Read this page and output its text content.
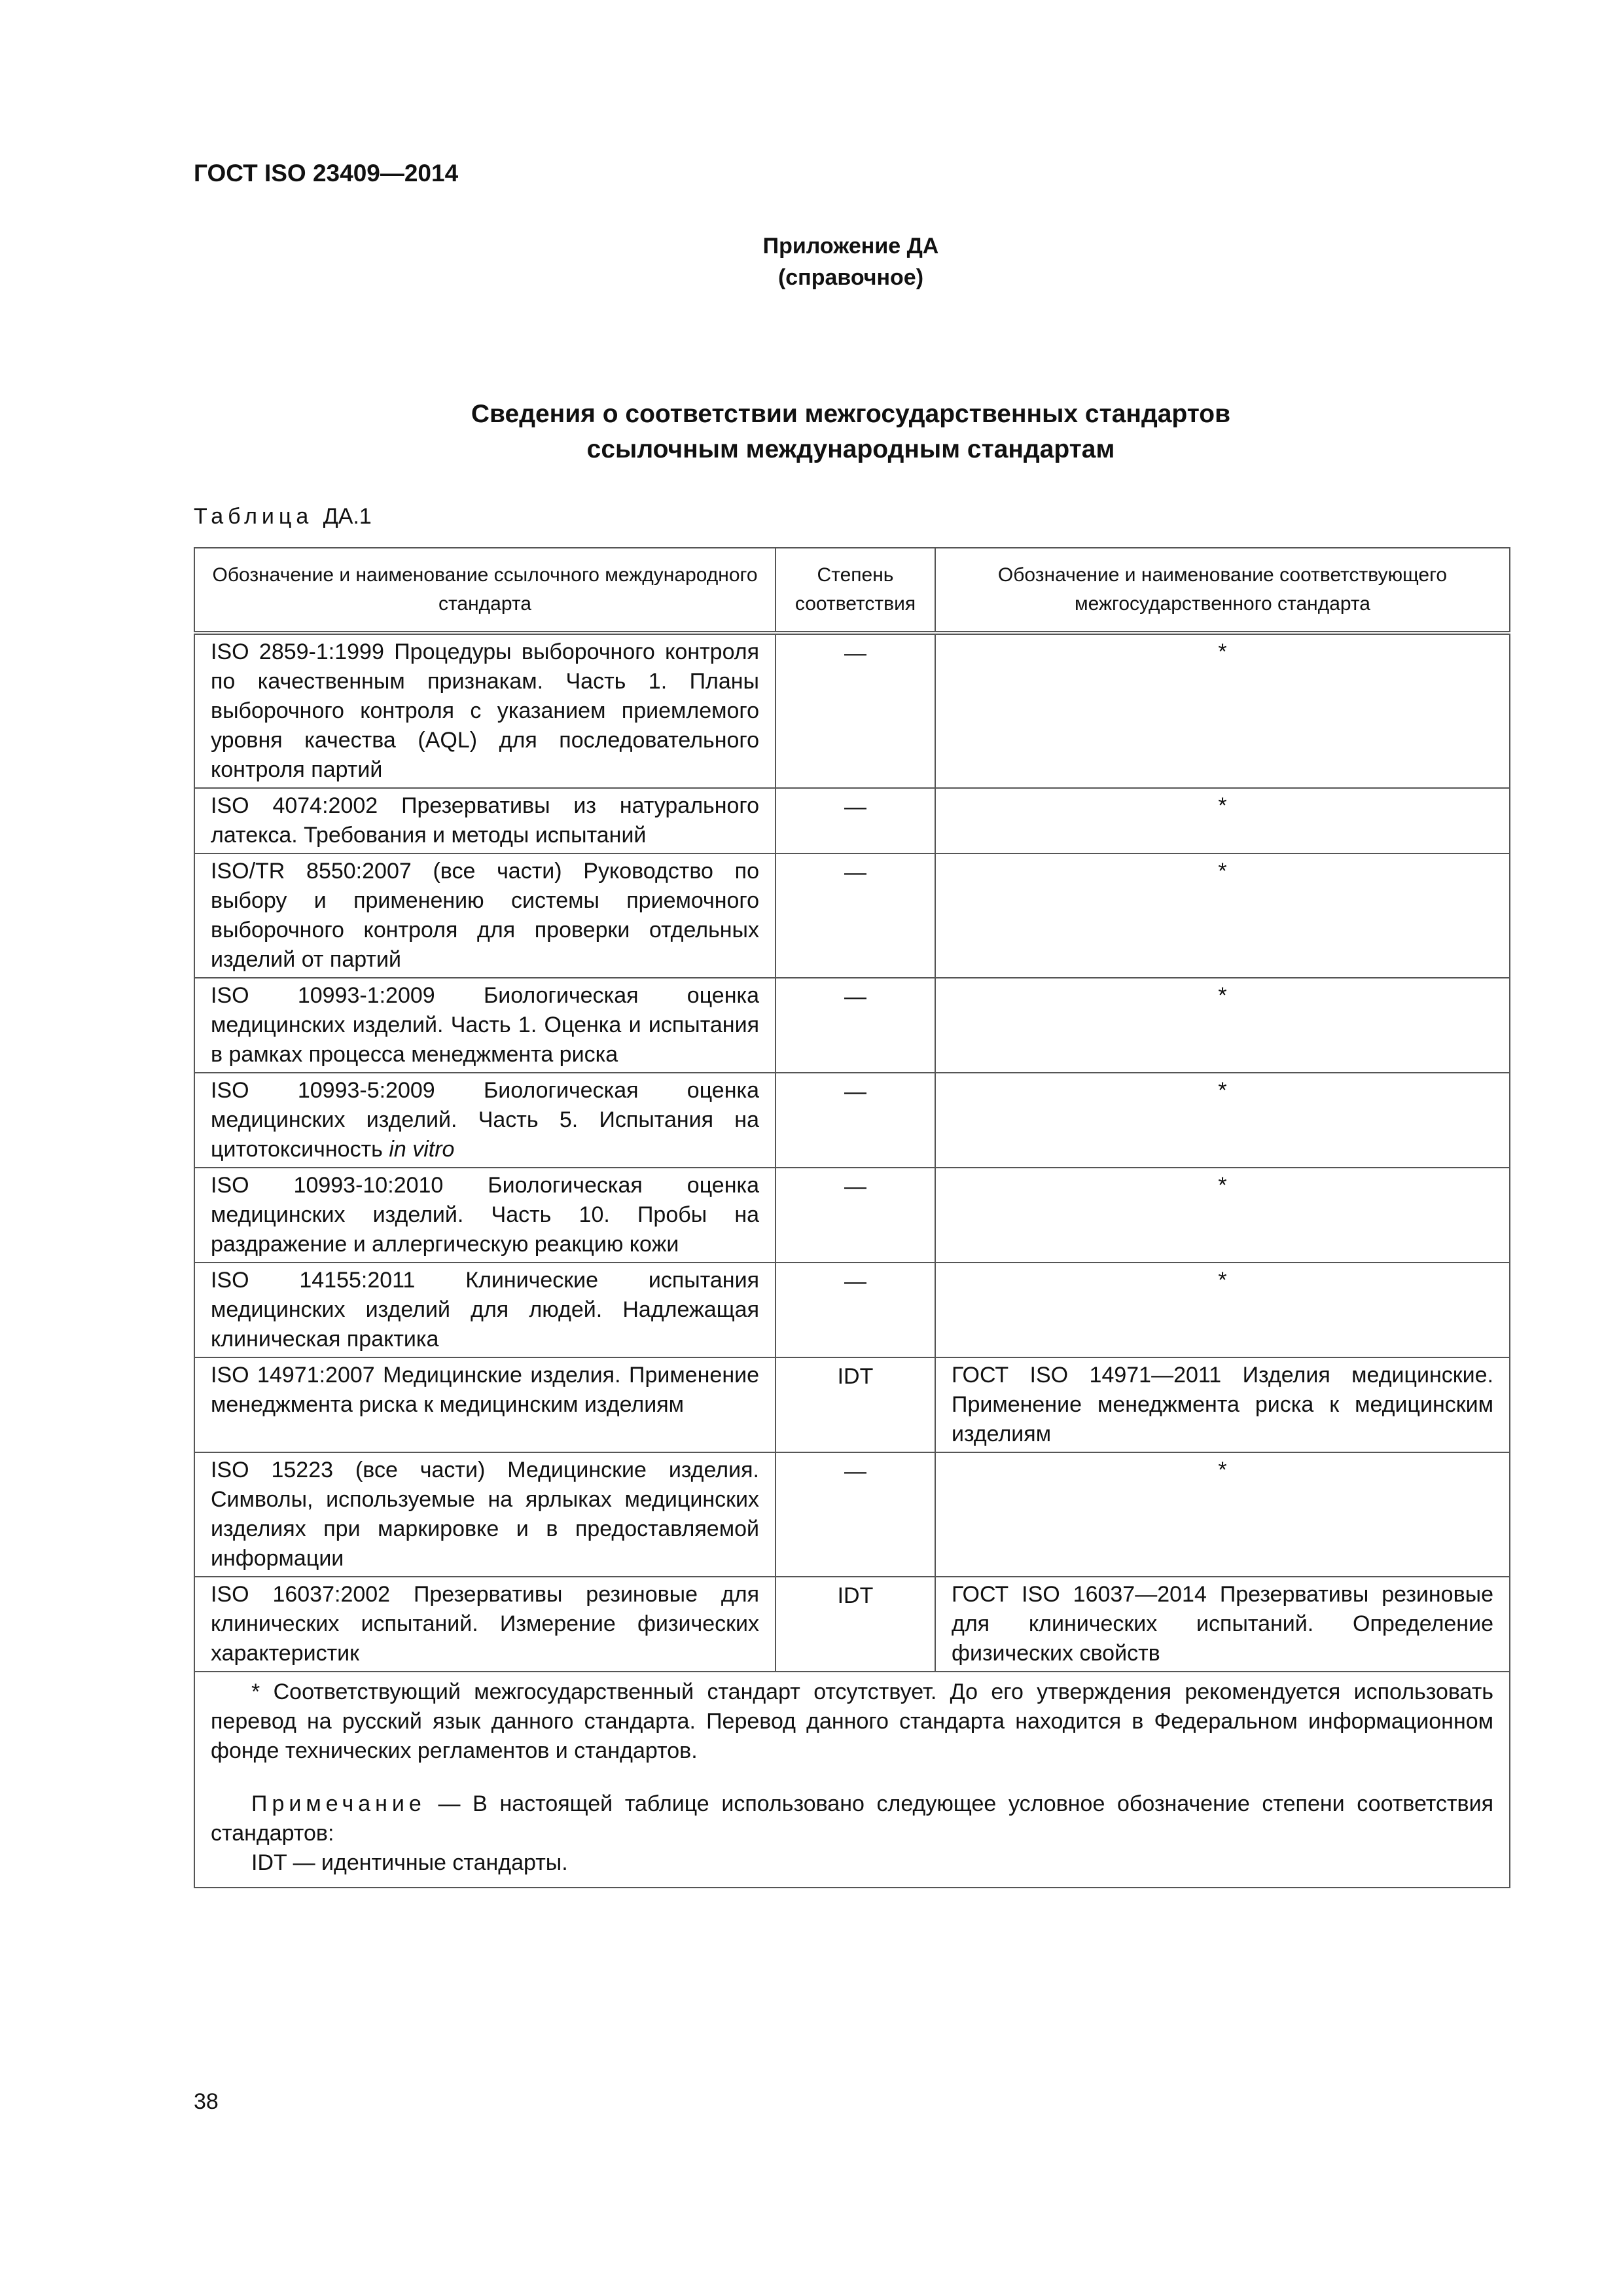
ГОСТ ISO 23409—2014
Приложение ДА
(справочное)
Сведения о соответствии межгосударственных стандартов
ссылочным международным стандартам
Таблица ДА.1
Обозначение и наименование ссылочного международного стандарта	Степень соответствия	Обозначение и наименование соответствующего межгосударственного стандарта
ISO 2859-1:1999 Процедуры выборочного контроля по качественным признакам. Часть 1. Планы выборочного контроля с указанием приемлемого уровня качества (AQL) для последовательного контроля партий	—	*
ISO 4074:2002 Презервативы из натурального латекса. Требования и методы испытаний	—	*
ISO/TR 8550:2007 (все части) Руководство по выбору и применению системы приемочного выборочного контроля для проверки отдельных изделий от партий	—	*
ISO 10993-1:2009 Биологическая оценка медицинских изделий. Часть 1. Оценка и испытания в рамках процесса менеджмента риска	—	*
ISO 10993-5:2009 Биологическая оценка медицинских изделий. Часть 5. Испытания на цитотоксичность in vitro	—	*
ISO 10993-10:2010 Биологическая оценка медицинских изделий. Часть 10. Пробы на раздражение и аллергическую реакцию кожи	—	*
ISO 14155:2011 Клинические испытания медицинских изделий для людей. Надлежащая клиническая практика	—	*
ISO 14971:2007 Медицинские изделия. Применение менеджмента риска к медицинским изделиям	IDT	ГОСТ ISO 14971—2011 Изделия медицинские. Применение менеджмента риска к медицинским изделиям
ISO 15223 (все части) Медицинские изделия. Символы, используемые на ярлыках медицинских изделиях при маркировке и в предоставляемой информации	—	*
ISO 16037:2002 Презервативы резиновые для клинических испытаний. Измерение физических характеристик	IDT	ГОСТ ISO 16037—2014 Презервативы резиновые для клинических испытаний. Определение физических свойств

* Соответствующий межгосударственный стандарт отсутствует. До его утверждения рекомендуется использовать перевод на русский язык данного стандарта. Перевод данного стандарта находится в Федеральном информационном фонде технических регламентов и стандартов.

Примечание — В настоящей таблице использовано следующее условное обозначение степени соответствия стандартов:

IDT — идентичные стандарты.		

38
